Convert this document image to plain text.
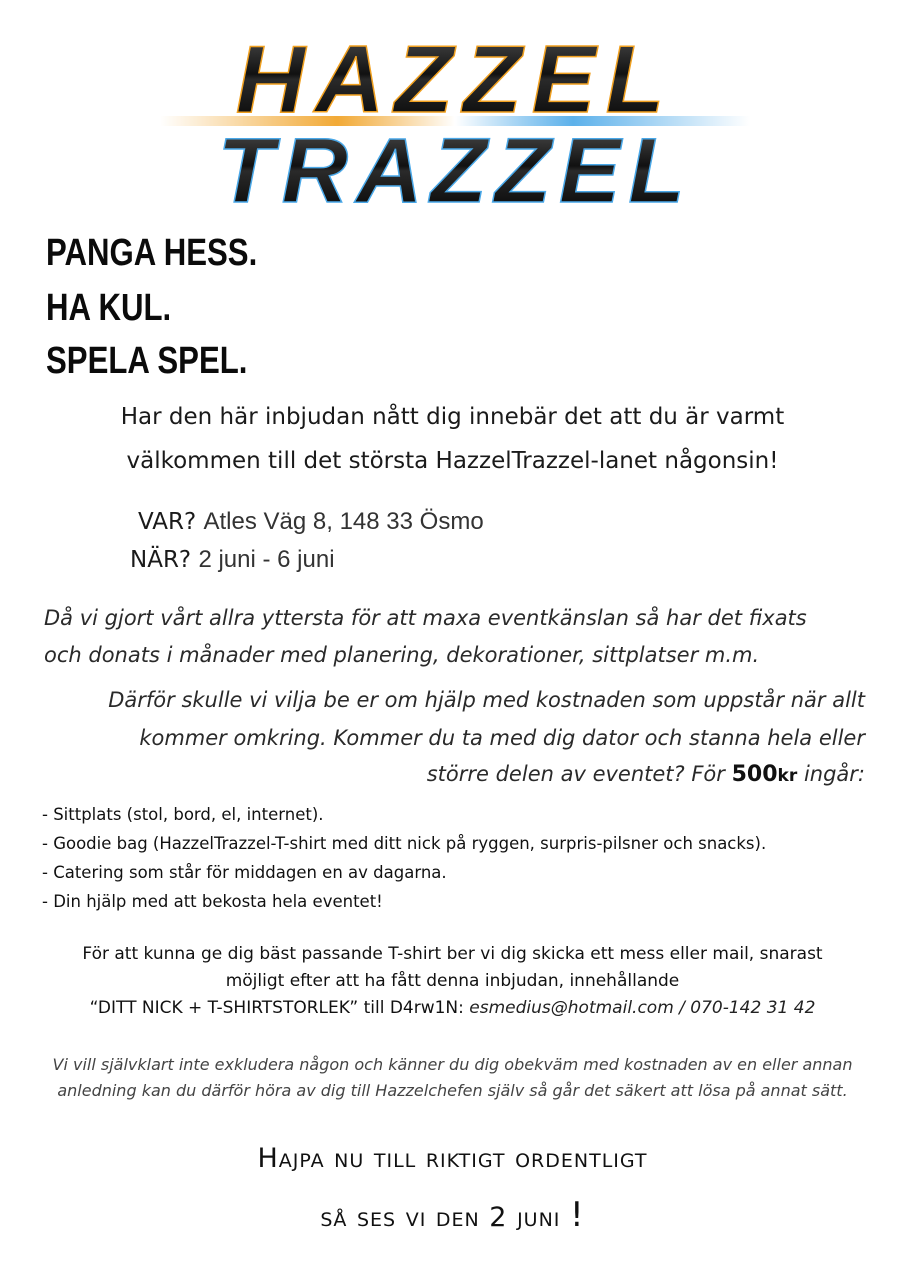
HAZZEL
TRAZZEL
PANGA HESS.
HA KUL.
SPELA SPEL.
Har den här inbjudan nått dig innebär det att du är varmt
välkommen till det största HazzelTrazzel-lanet någonsin!
VAR? Atles Väg 8, 148 33 Ösmo
NÄR? 2 juni - 6 juni
Då vi gjort vårt allra yttersta för att maxa eventkänslan så har det fixats
och donats i månader med planering, dekorationer, sittplatser m.m.
Därför skulle vi vilja be er om hjälp med kostnaden som uppstår när allt
kommer omkring. Kommer du ta med dig dator och stanna hela eller
större delen av eventet? För 500kr ingår:
- Sittplats (stol, bord, el, internet).
- Goodie bag (HazzelTrazzel-T-shirt med ditt nick på ryggen, surpris-pilsner och snacks).
- Catering som står för middagen en av dagarna.
- Din hjälp med att bekosta hela eventet!
För att kunna ge dig bäst passande T-shirt ber vi dig skicka ett mess eller mail, snarast
möjligt efter att ha fått denna inbjudan, innehållande
“DITT NICK + T-SHIRTSTORLEK” till D4rw1N: esmedius@hotmail.com / 070-142 31 42
Vi vill självklart inte exkludera någon och känner du dig obekväm med kostnaden av en eller annan
anledning kan du därför höra av dig till Hazzelchefen själv så går det säkert att lösa på annat sätt.
Hajpa nu till riktigt ordentligt
så ses vi den 2 juni !
